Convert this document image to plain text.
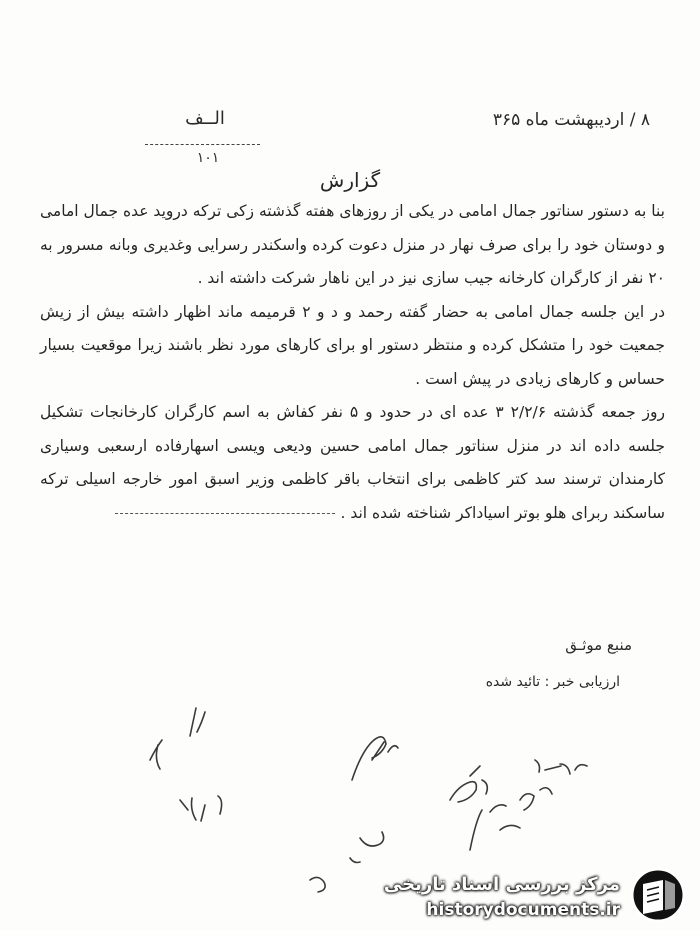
۸ / اردیبهشت ماه ۳۶۵
الــف
۱۰۱
گزارش

بنا به دستور سناتور جمال امامی در یکی از روزهای هفته گذشته زکی ترکه دروید عده جمال امامی و دوستان خود را برای صرف نهار در منزل دعوت کرده واسکندر رسرایی وغدیری وبانه مسرور به ۲۰ نفر از کارگران کارخانه جیب سازی نیز در این ناهار شرکت داشته اند .

در این جلسه جمال امامی به حضار گفته رحمد و د و ۲ قرمیمه ماند اظهار داشته بیش از زیش جمعیت خود را متشکل کرده و منتظر دستور او برای کارهای مورد نظر باشند زیرا موقعیت بسیار حساس و کارهای زیادی در پیش است .

روز جمعه گذشته ۲/۲/۶ ۳ عده ای در حدود و ۵ نفر کفاش به اسم کارگران کارخانجات تشکیل جلسه داده اند در منزل سناتور جمال امامی حسین ودیعی ویسی اسهارفاده ارسعبی وسیاری کارمندان ترسند سد کتر کاظمی برای انتخاب باقر کاظمی وزیر اسبق امور خارجه اسیلی ترکه ساسکند ربرای هلو بوتر اسیاداکر شناخته شده اند .

منبع موثـق
ارزیابی خبر : تائید شده
مرکز بررسی اسناد تاریخی
historydocuments.ir
